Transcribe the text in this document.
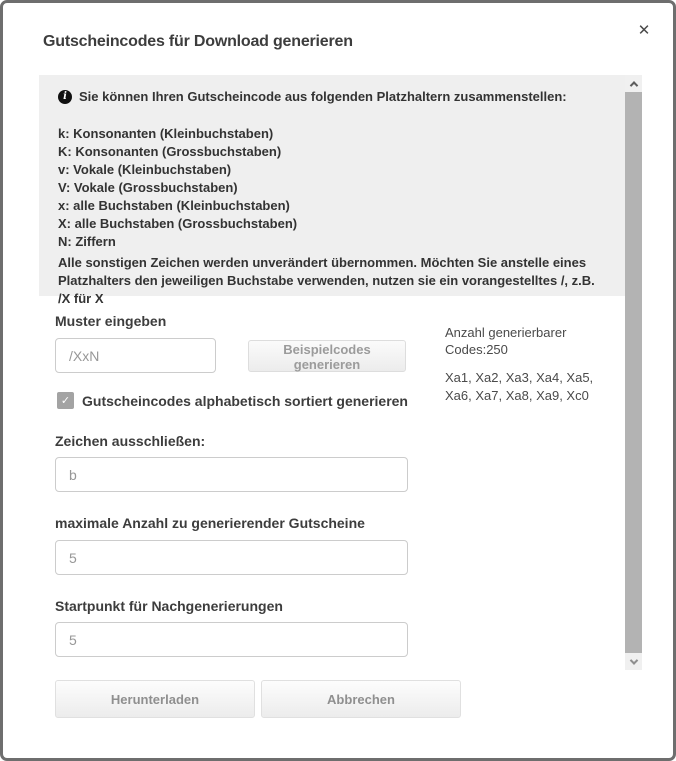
Gutscheincodes für Download generieren
✕
i Sie können Ihren Gutscheincode aus folgenden Platzhaltern zusammenstellen:
k: Konsonanten (Kleinbuchstaben)
K: Konsonanten (Grossbuchstaben)
v: Vokale (Kleinbuchstaben)
V: Vokale (Grossbuchstaben)
x: alle Buchstaben (Kleinbuchstaben)
X: alle Buchstaben (Grossbuchstaben)
N: Ziffern
Alle sonstigen Zeichen werden unverändert übernommen. Möchten Sie anstelle eines Platzhalters den jeweiligen Buchstabe verwenden, nutzen sie ein vorangestelltes /, z.B. /X für X
Muster eingeben
/XxN
Beispielcodes generieren
Anzahl generierbarer Codes:250
Xa1, Xa2, Xa3, Xa4, Xa5, Xa6, Xa7, Xa8, Xa9, Xc0
✓ Gutscheincodes alphabetisch sortiert generieren
Zeichen ausschließen:
b
maximale Anzahl zu generierender Gutscheine
5
Startpunkt für Nachgenerierungen
5
Herunterladen	Abbrechen
